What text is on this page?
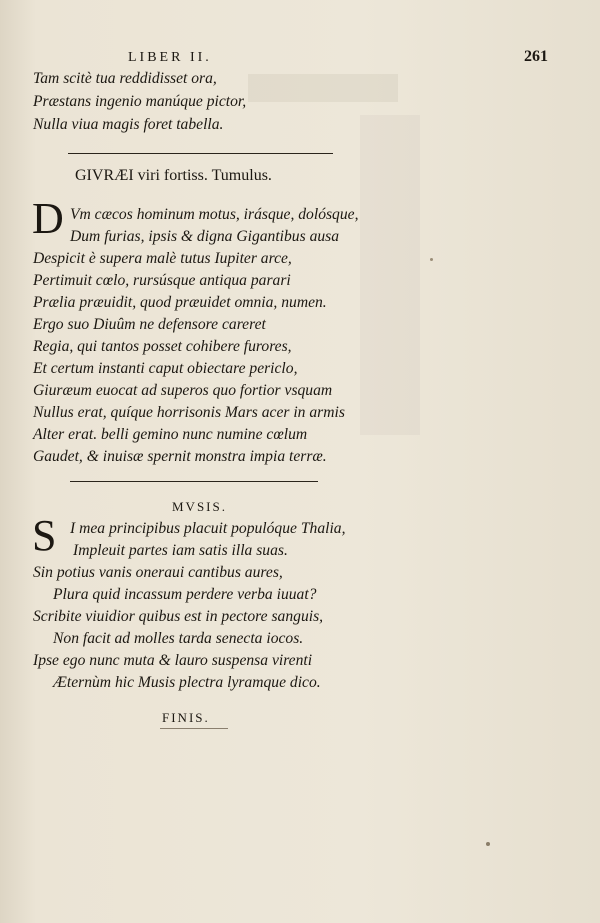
LIBER II.	261
Tam scitè tua reddidisset ora,
Præstans ingenio manúque pictor,
Nulla viua magis foret tabella.
GIVRÆI viri fortiss. Tumulus.
D Vm cæcos hominum motus, irásque, dolósque,
Dum furias, ipsis & digna Gigantibus ausa
Despicit è supera malè tutus Iupiter arce,
Pertimuit cœlo, rursúsque antiqua parari
Prælia præuidit, quod præuidet omnia, numen.
Ergo suo Diuûm ne defensore careret
Regia, qui tantos posset cohibere furores,
Et certum instanti caput obiectare periclo,
Giuræum euocat ad superos quo fortior vsquam
Nullus erat, quíque horrisonis Mars acer in armis
Alter erat. belli gemino nunc numine cœlum
Gaudet, & inuisæ spernit monstra impia terræ.
MVSIS.
S I mea principibus placuit populóque Thalia,
Impleuit partes iam satis illa suas.
Sin potius vanis oneraui cantibus aures,
Plura quid incassum perdere verba iuuat?
Scribite viuidior quibus est in pectore sanguis,
Non facit ad molles tarda senecta iocos.
Ipse ego nunc muta & lauro suspensa virenti
Æternùm hic Musis plectra lyramque dico.
FINIS.
